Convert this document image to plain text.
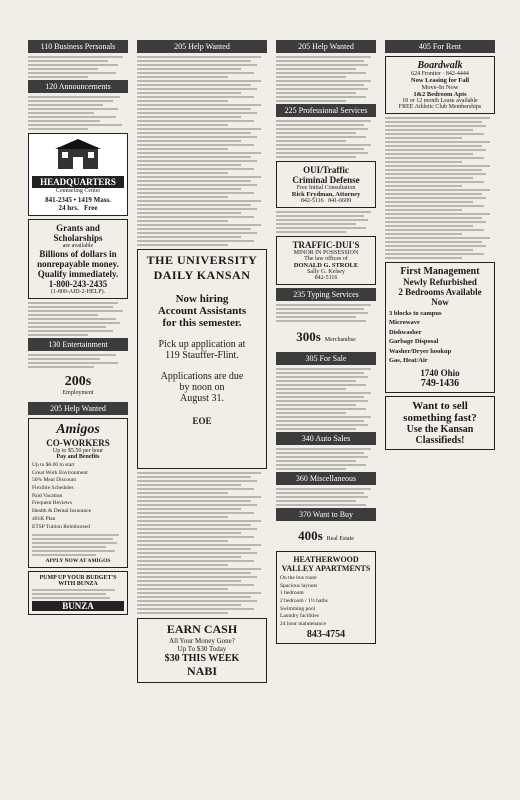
110 Business Personals
120 Announcements
HEADQUARTERS
Counseling Center
841-2345 • 1419 Mass.
24 hrs. Free
Grants and Scholarships
are available
Billions of dollars in
nonrepayable money.
Qualify immediately.
1-800-243-2435
(1-800-AID-2-HELP).
130 Entertainment
200s
Employment
205 Help Wanted
Amigos
CO-WORKERS
Up to $5.50 per hour
Pay and Benefits
Up to $6.00 to start
Great Work Environment
50% Meal Discount
Flexible Schedules
Paid Vacation
Frequent Reviews
Health & Dental Insurance
401K Plan
ETSP Tuition Reimbursed
APPLY NOW AT AMIGOS
PUMP UP YOUR BUDGET'S WITH BUNZA
BUNZA
205 Help Wanted
THE UNIVERSITY DAILY KANSAN
Now hiring
Account Assistants
for this semester.
Pick up application at
119 Stauffer-Flint.
Applications are due
by noon on
August 31.
EOE
EARN CASH
All Your Money Gone?
Up To $30 Today
$30 THIS WEEK
NABI
205 Help Wanted
225 Professional Services
OUI/Traffic
Criminal Defense
Free Initial Consultation
Rick Frydman, Attorney
842-5116 841-6609
TRAFFIC-DUI'S
MINOR IN POSSESSION
The law offices of
DONALD G. STROLE
Sally G. Kelsey
842-5116
235 Typing Services
300s Merchandise
305 For Sale
340 Auto Sales
360 Miscellaneous
370 Want to Buy
400s Real Estate
HEATHERWOOD VALLEY APARTMENTS
On the bus route
Spacious layouts
1 bedroom
2 bedroom / 1½ baths
Swimming pool
Laundry facilities
24 hour maintenance
843-4754
405 For Rent
Boardwalk
624 Frontier · 842-4444
Now Leasing for Fall
Move-In Now
1&2 Bedroom Apts
10 or 12 month Lease available
FREE Athletic Club Memberships
First Management
Newly Refurbished
2 Bedrooms Available Now
3 blocks to campus
Microwave
Dishwasher
Garbage Disposal
Washer/Dryer hookup
Gas, Heat/Air
1740 Ohio
749-1436
Want to sell
something fast?
Use the Kansan
Classifieds!
